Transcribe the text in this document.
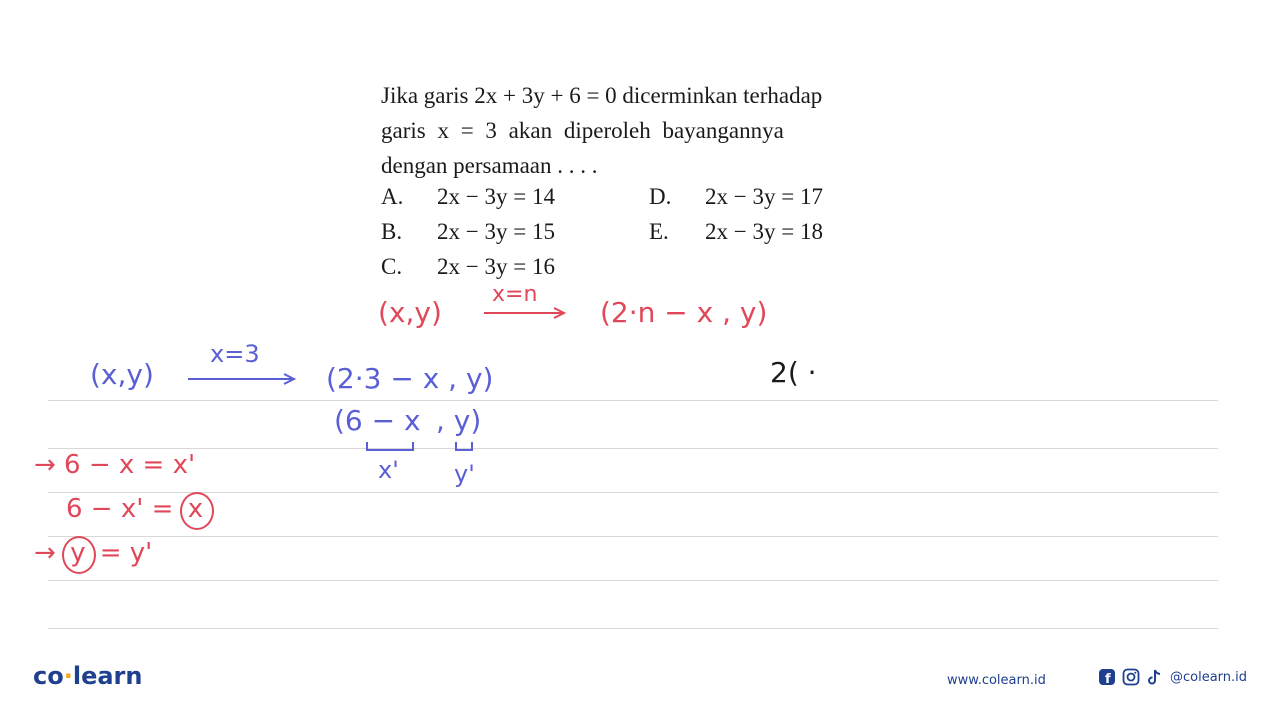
Jika garis 2x + 3y + 6 = 0 dicerminkan terhadap

garis x = 3 akan diperoleh bayangannya

dengan persamaan . . . .

A. 2x − 3y = 14
B. 2x − 3y = 15
C. 2x − 3y = 16
D. 2x − 3y = 17
E. 2x − 3y = 18
(x,y)
x=n
(2·n − x , y)
(x,y)
x=3
(2·3 − x , y)
(6 − x , y)
x' y'
2( ·
→ 6 − x = x'
6 − x' =
x
→
y = y'
co·learn	www.colearn.id	f	@colearn.id
